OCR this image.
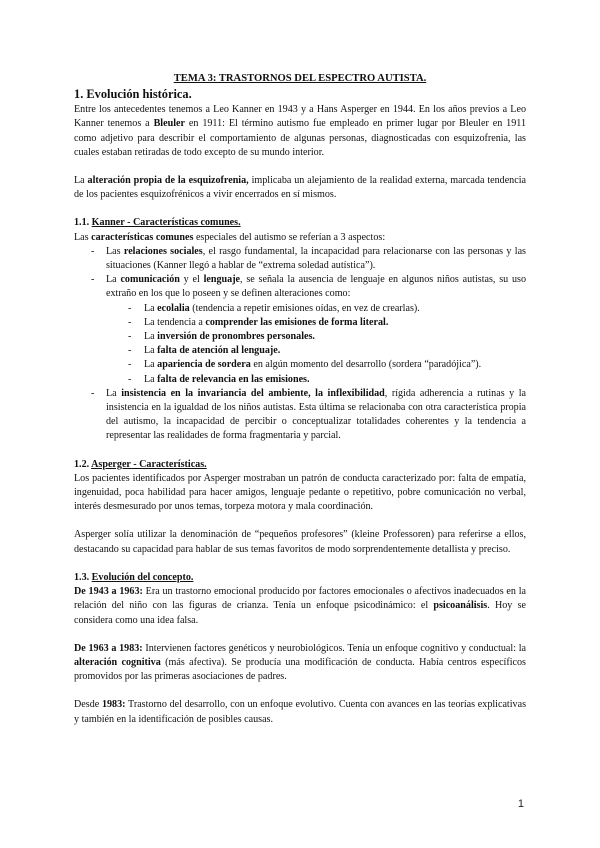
TEMA 3: TRASTORNOS DEL ESPECTRO AUTISTA.
1. Evolución histórica.

Entre los antecedentes tenemos a Leo Kanner en 1943 y a Hans Asperger en 1944. En los años previos a Leo Kanner tenemos a Bleuler en 1911: El término autismo fue empleado en primer lugar por Bleuler en 1911 como adjetivo para describir el comportamiento de algunas personas, diagnosticadas con esquizofrenia, las cuales estaban retiradas de todo excepto de su mundo interior.

La alteración propia de la esquizofrenia, implicaba un alejamiento de la realidad externa, marcada tendencia de los pacientes esquizofrénicos a vivir encerrados en sí mismos.

1.1. Kanner - Características comunes.

Las características comunes especiales del autismo se referían a 3 aspectos:

- Las relaciones sociales, el rasgo fundamental, la incapacidad para relacionarse con las personas y las situaciones (Kanner llegó a hablar de “extrema soledad autística”).
- La comunicación y el lenguaje, se señala la ausencia de lenguaje en algunos niños autistas, su uso extraño en los que lo poseen y se definen alteraciones como:
- La ecolalia (tendencia a repetir emisiones oídas, en vez de crearlas).
- La tendencia a comprender las emisiones de forma literal.
- La inversión de pronombres personales.
- La falta de atención al lenguaje.
- La apariencia de sordera en algún momento del desarrollo (sordera “paradójica”).
- La falta de relevancia en las emisiones.
- La insistencia en la invariancia del ambiente, la inflexibilidad, rígida adherencia a rutinas y la insistencia en la igualdad de los niños autistas. Esta última se relacionaba con otra característica propia del autismo, la incapacidad de percibir o conceptualizar totalidades coherentes y la tendencia a representar las realidades de forma fragmentaria y parcial.
1.2. Asperger - Características.

Los pacientes identificados por Asperger mostraban un patrón de conducta caracterizado por: falta de empatía, ingenuidad, poca habilidad para hacer amigos, lenguaje pedante o repetitivo, pobre comunicación no verbal, interés desmesurado por unos temas, torpeza motora y mala coordinación.

Asperger solía utilizar la denominación de “pequeños profesores” (kleine Professoren) para referirse a ellos, destacando su capacidad para hablar de sus temas favoritos de modo sorprendentemente detallista y preciso.

1.3. Evolución del concepto.

De 1943 a 1963: Era un trastorno emocional producido por factores emocionales o afectivos inadecuados en la relación del niño con las figuras de crianza. Tenía un enfoque psicodinámico: el psicoanálisis. Hoy se considera como una idea falsa.

De 1963 a 1983: Intervienen factores genéticos y neurobiológicos. Tenía un enfoque cognitivo y conductual: la alteración cognitiva (más afectiva). Se producía una modificación de conducta. Había centros específicos promovidos por las primeras asociaciones de padres.

Desde 1983: Trastorno del desarrollo, con un enfoque evolutivo. Cuenta con avances en las teorías explicativas y también en la identificación de posibles causas.

1
